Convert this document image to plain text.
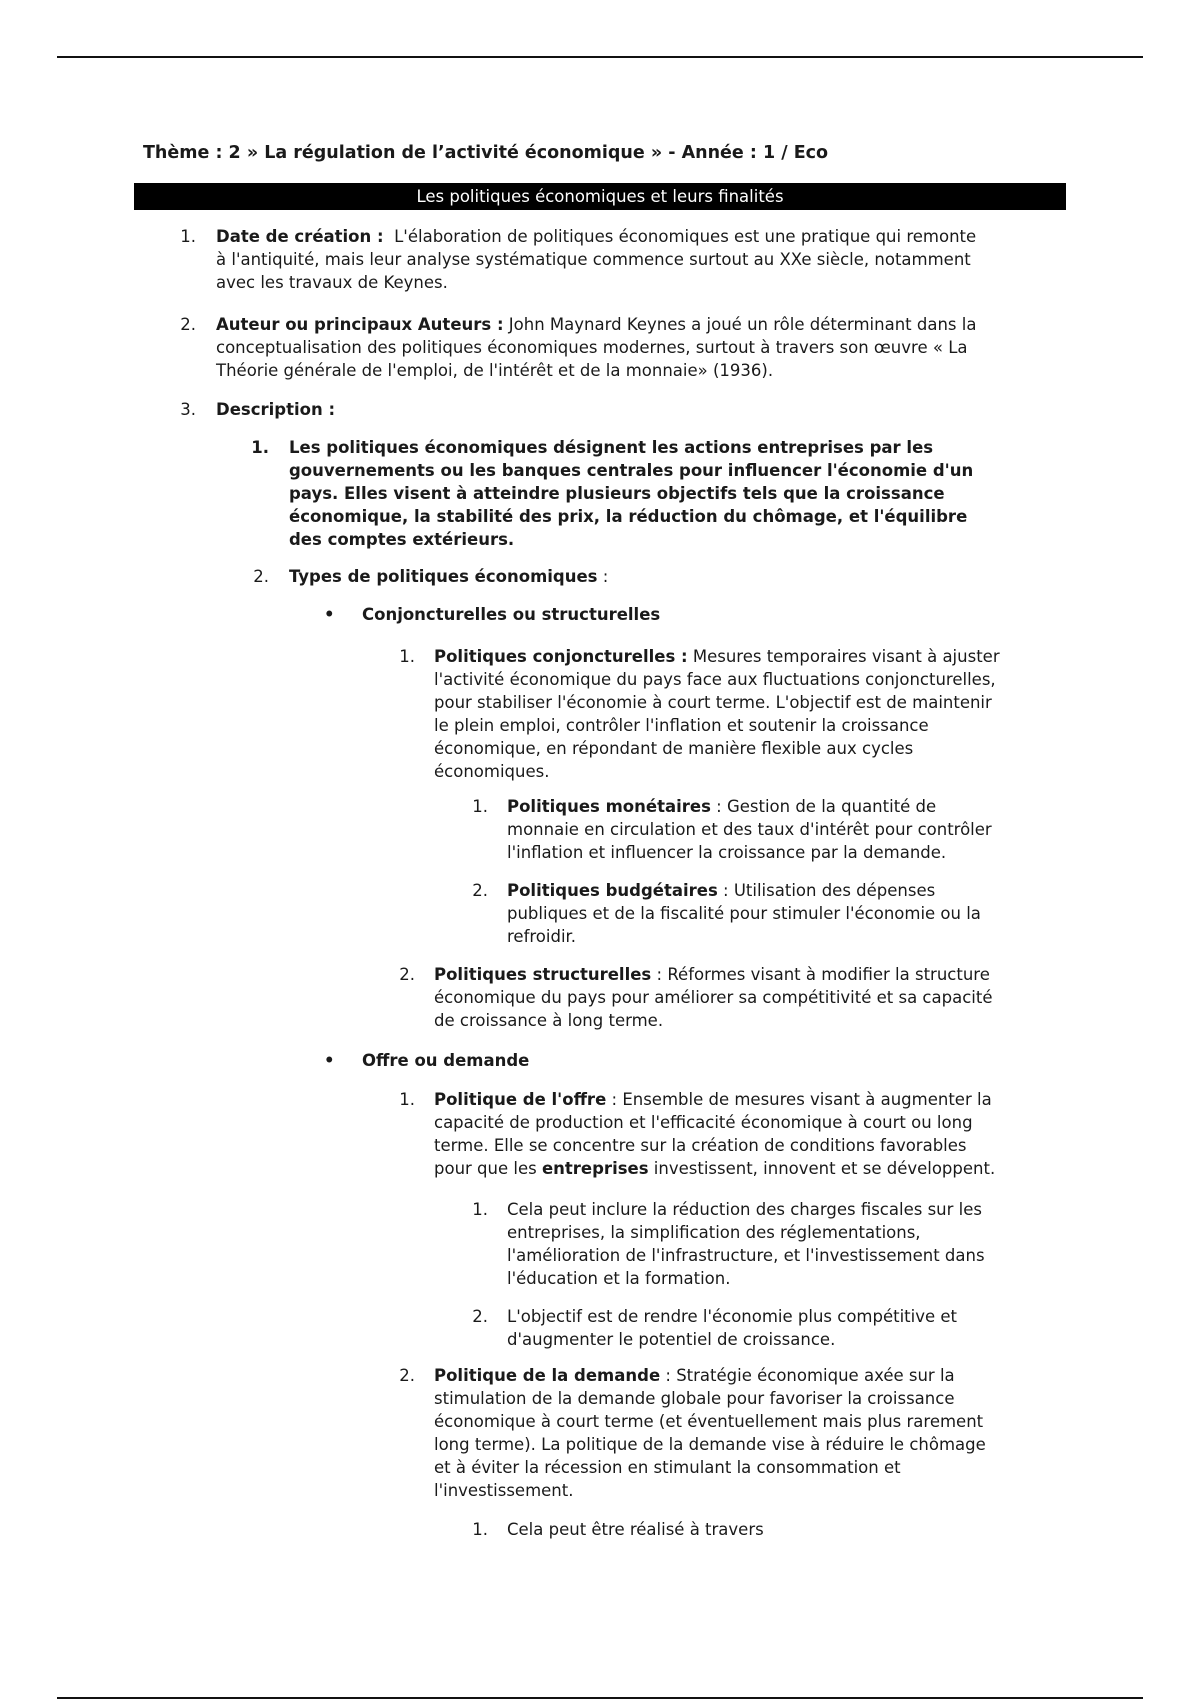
Thème : 2 » La régulation de l’activité économique » - Année : 1 / Eco
Les politiques économiques et leurs finalités
1. Date de création :  L'élaboration de politiques économiques est une pratique qui remonte
à l'antiquité, mais leur analyse systématique commence surtout au XXe siècle, notamment
avec les travaux de Keynes.
2. Auteur ou principaux Auteurs : John Maynard Keynes a joué un rôle déterminant dans la
conceptualisation des politiques économiques modernes, surtout à travers son œuvre « La
Théorie générale de l'emploi, de l'intérêt et de la monnaie» (1936).
3. Description :
1. Les politiques économiques désignent les actions entreprises par les
gouvernements ou les banques centrales pour influencer l'économie d'un
pays. Elles visent à atteindre plusieurs objectifs tels que la croissance
économique, la stabilité des prix, la réduction du chômage, et l'équilibre
des comptes extérieurs.
2. Types de politiques économiques :
• Conjoncturelles ou structurelles
1. Politiques conjoncturelles : Mesures temporaires visant à ajuster
l'activité économique du pays face aux fluctuations conjoncturelles,
pour stabiliser l'économie à court terme. L'objectif est de maintenir
le plein emploi, contrôler l'inflation et soutenir la croissance
économique, en répondant de manière flexible aux cycles
économiques.
1. Politiques monétaires : Gestion de la quantité de
monnaie en circulation et des taux d'intérêt pour contrôler
l'inflation et influencer la croissance par la demande.
2. Politiques budgétaires : Utilisation des dépenses
publiques et de la fiscalité pour stimuler l'économie ou la
refroidir.
2. Politiques structurelles : Réformes visant à modifier la structure
économique du pays pour améliorer sa compétitivité et sa capacité
de croissance à long terme.
• Offre ou demande
1. Politique de l'offre : Ensemble de mesures visant à augmenter la
capacité de production et l'efficacité économique à court ou long
terme. Elle se concentre sur la création de conditions favorables
pour que les entreprises investissent, innovent et se développent.
1. Cela peut inclure la réduction des charges fiscales sur les
entreprises, la simplification des réglementations,
l'amélioration de l'infrastructure, et l'investissement dans
l'éducation et la formation.
2. L'objectif est de rendre l'économie plus compétitive et
d'augmenter le potentiel de croissance.
2. Politique de la demande : Stratégie économique axée sur la
stimulation de la demande globale pour favoriser la croissance
économique à court terme (et éventuellement mais plus rarement
long terme). La politique de la demande vise à réduire le chômage
et à éviter la récession en stimulant la consommation et
l'investissement.
1. Cela peut être réalisé à travers
